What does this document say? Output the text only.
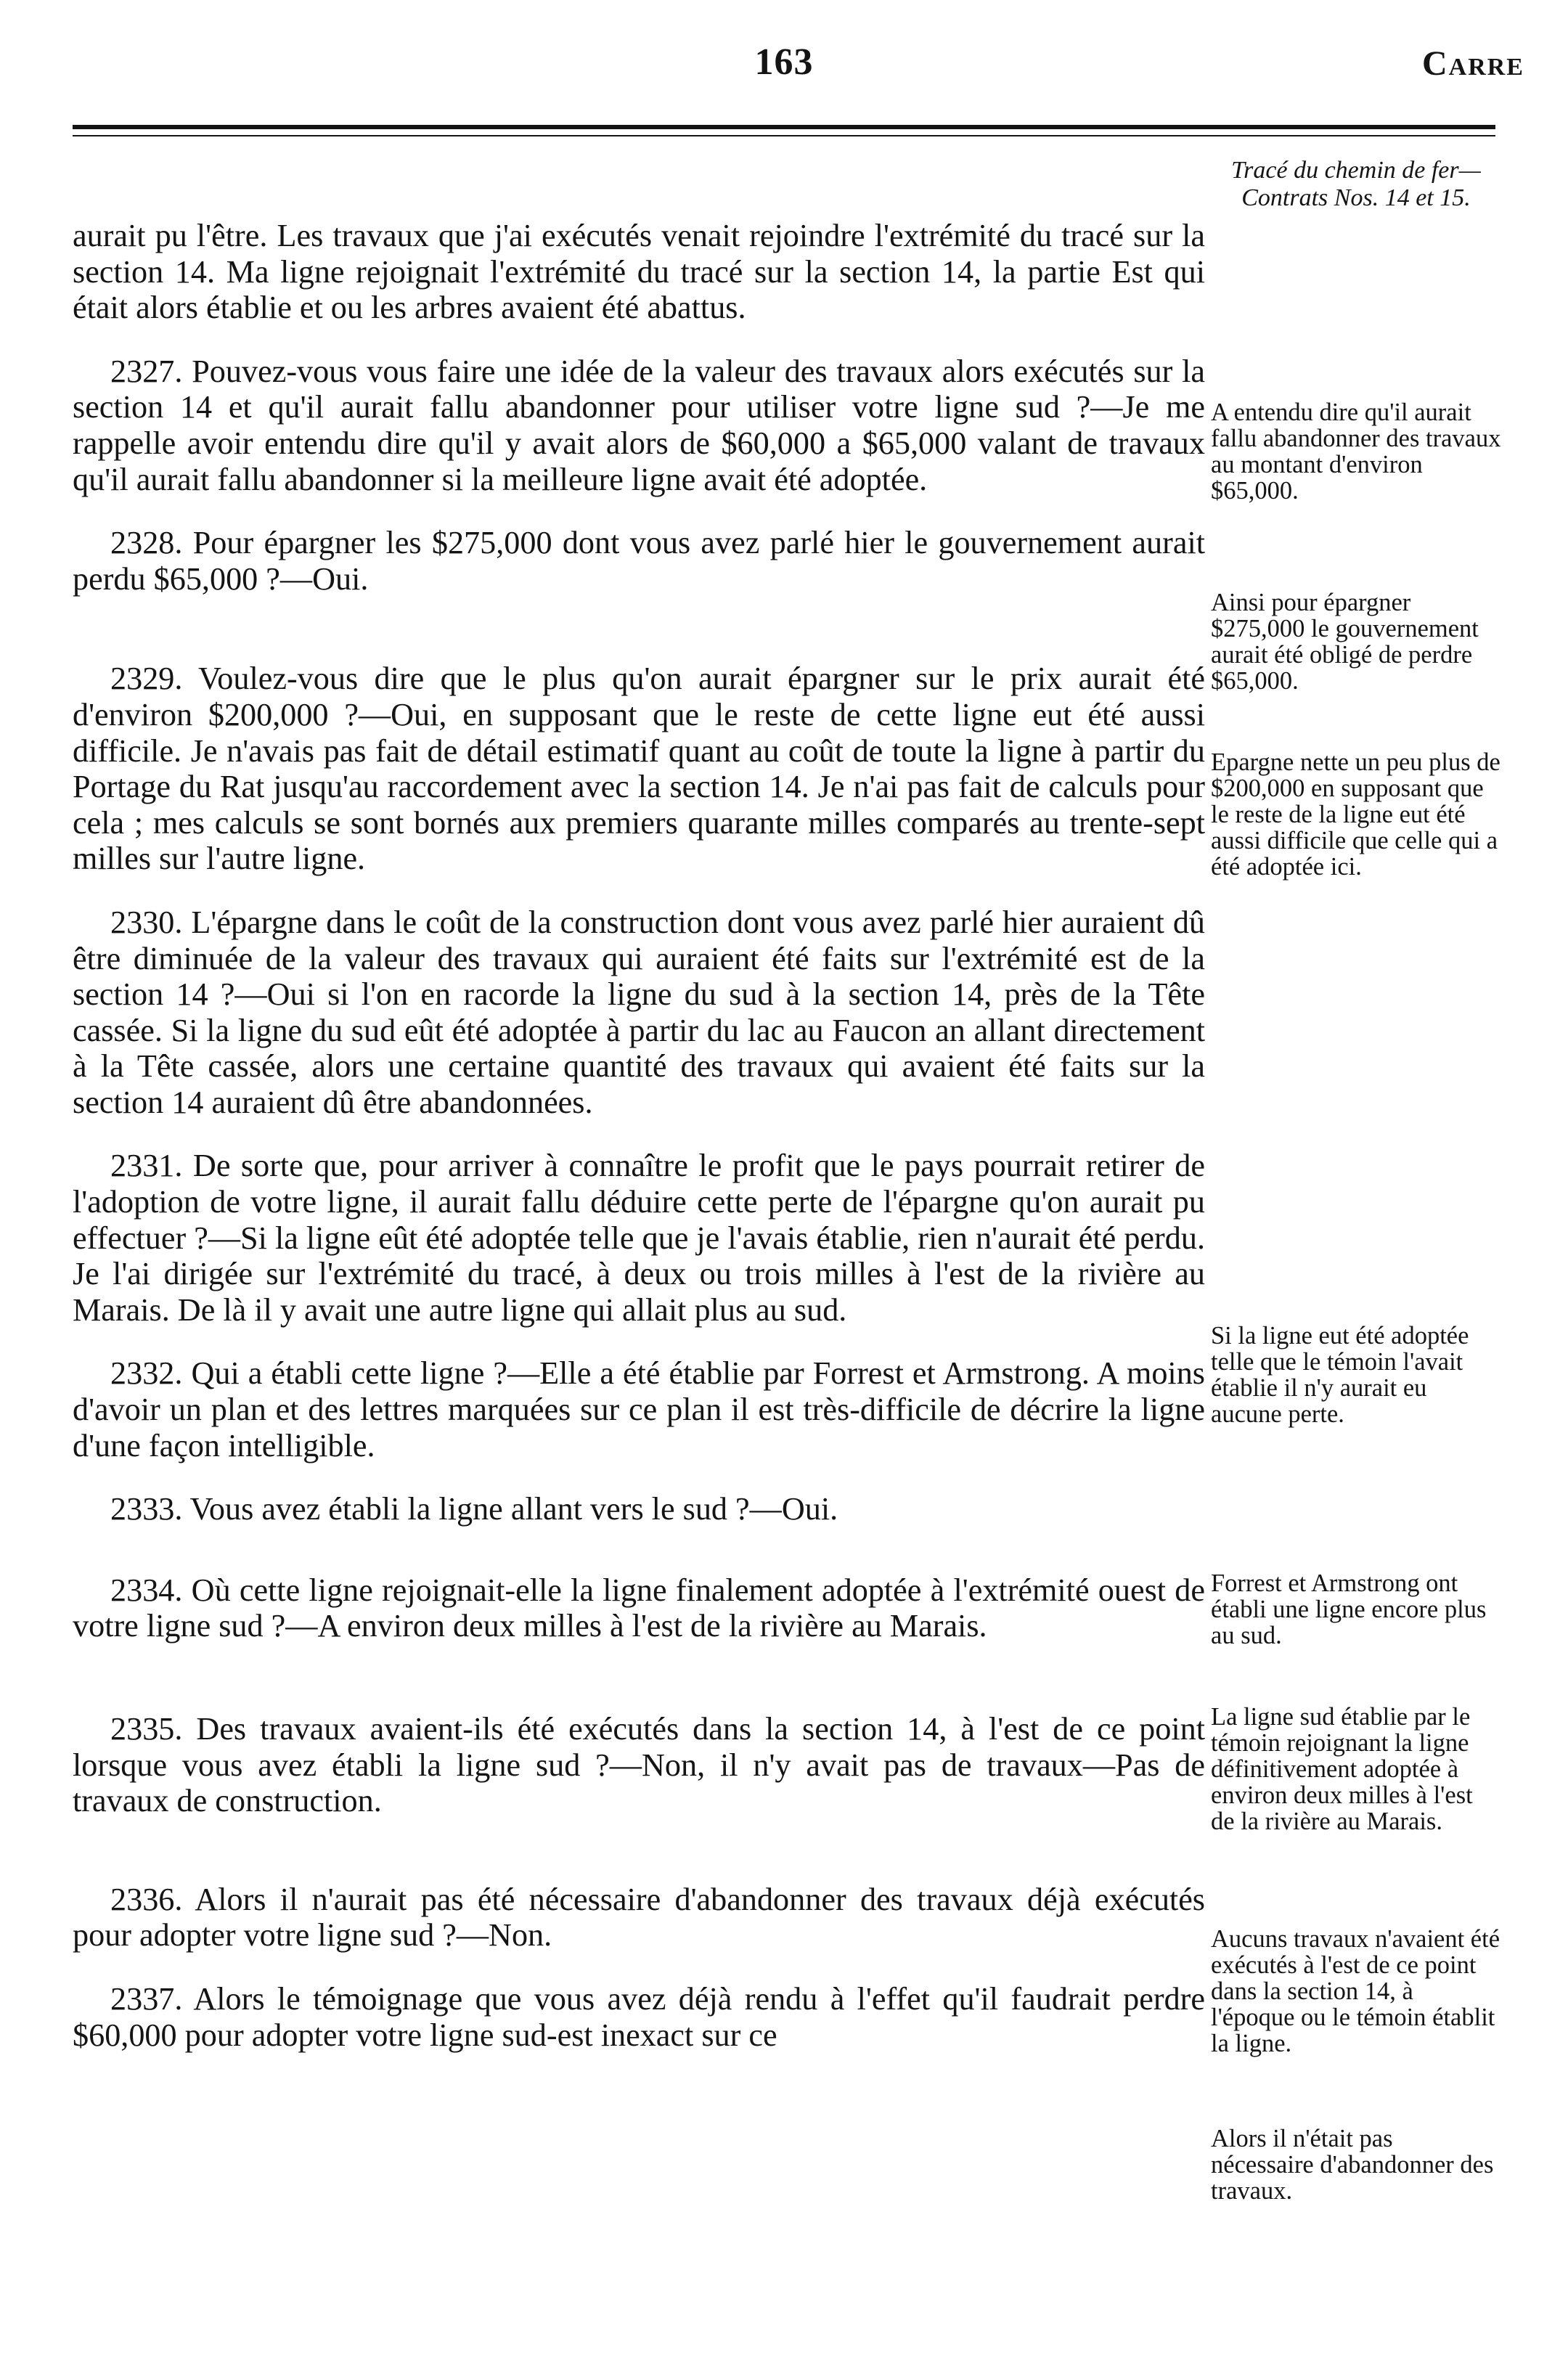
163	Carre
Tracé du chemin de fer— Contrats Nos. 14 et 15.

aurait pu l'être. Les travaux que j'ai exécutés venait rejoindre l'extrémité du tracé sur la section 14. Ma ligne rejoignait l'extrémité du tracé sur la section 14, la partie Est qui était alors établie et ou les arbres avaient été abattus.

2327. Pouvez-vous vous faire une idée de la valeur des travaux alors exécutés sur la section 14 et qu'il aurait fallu abandonner pour utiliser votre ligne sud ?—Je me rappelle avoir entendu dire qu'il y avait alors de $60,000 a $65,000 valant de travaux qu'il aurait fallu abandonner si la meilleure ligne avait été adoptée.

2328. Pour épargner les $275,000 dont vous avez parlé hier le gouvernement aurait perdu $65,000 ?—Oui.

2329. Voulez-vous dire que le plus qu'on aurait épargner sur le prix aurait été d'environ $200,000 ?—Oui, en supposant que le reste de cette ligne eut été aussi difficile. Je n'avais pas fait de détail estimatif quant au coût de toute la ligne à partir du Portage du Rat jusqu'au raccordement avec la section 14. Je n'ai pas fait de calculs pour cela ; mes calculs se sont bornés aux premiers quarante milles comparés au trente-sept milles sur l'autre ligne.

2330. L'épargne dans le coût de la construction dont vous avez parlé hier auraient dû être diminuée de la valeur des travaux qui auraient été faits sur l'extrémité est de la section 14 ?—Oui si l'on en racorde la ligne du sud à la section 14, près de la Tête cassée. Si la ligne du sud eût été adoptée à partir du lac au Faucon an allant directement à la Tête cassée, alors une certaine quantité des travaux qui avaient été faits sur la section 14 auraient dû être abandonnées.

2331. De sorte que, pour arriver à connaître le profit que le pays pourrait retirer de l'adoption de votre ligne, il aurait fallu déduire cette perte de l'épargne qu'on aurait pu effectuer ?—Si la ligne eût été adoptée telle que je l'avais établie, rien n'aurait été perdu. Je l'ai dirigée sur l'extrémité du tracé, à deux ou trois milles à l'est de la rivière au Marais. De là il y avait une autre ligne qui allait plus au sud.

2332. Qui a établi cette ligne ?—Elle a été établie par Forrest et Armstrong. A moins d'avoir un plan et des lettres marquées sur ce plan il est très-difficile de décrire la ligne d'une façon intelligible.

2333. Vous avez établi la ligne allant vers le sud ?—Oui.

2334. Où cette ligne rejoignait-elle la ligne finalement adoptée à l'extrémité ouest de votre ligne sud ?—A environ deux milles à l'est de la rivière au Marais.

2335. Des travaux avaient-ils été exécutés dans la section 14, à l'est de ce point lorsque vous avez établi la ligne sud ?—Non, il n'y avait pas de travaux—Pas de travaux de construction.

2336. Alors il n'aurait pas été nécessaire d'abandonner des travaux déjà exécutés pour adopter votre ligne sud ?—Non.

2337. Alors le témoignage que vous avez déjà rendu à l'effet qu'il faudrait perdre $60,000 pour adopter votre ligne sud-est inexact sur ce

A entendu dire qu'il aurait fallu abandonner des travaux au montant d'environ $65,000.
Ainsi pour épargner $275,000 le gouvernement aurait été obligé de perdre $65,000.
Epargne nette un peu plus de $200,000 en supposant que le reste de la ligne eut été aussi difficile que celle qui a été adoptée ici.
Si la ligne eut été adoptée telle que le témoin l'avait établie il n'y aurait eu aucune perte.
Forrest et Armstrong ont établi une ligne encore plus au sud.
La ligne sud établie par le témoin rejoignant la ligne définitivement adoptée à environ deux milles à l'est de la rivière au Marais.
Aucuns travaux n'avaient été exécutés à l'est de ce point dans la section 14, à l'époque ou le témoin établit la ligne.
Alors il n'était pas nécessaire d'abandonner des travaux.
